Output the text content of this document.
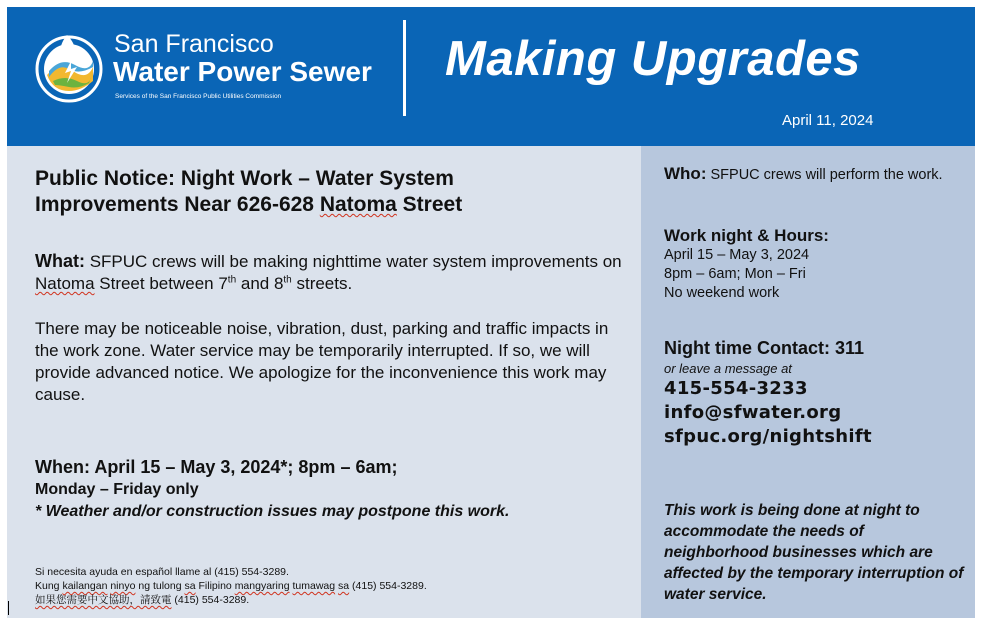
San Francisco
Water Power Sewer
Services of the San Francisco Public Utilities Commission
Making Upgrades
April 11, 2024
Public Notice: Night Work – Water System
Improvements Near 626-628 Natoma Street
What: SFPUC crews will be making nighttime water system improvements on Natoma Street between 7th and 8th streets.
There may be noticeable noise, vibration, dust, parking and traffic impacts in the work zone. Water service may be temporarily interrupted. If so, we will provide advanced notice. We apologize for the inconvenience this work may cause.
When: April 15 – May 3, 2024*; 8pm – 6am;
Monday – Friday only
* Weather and/or construction issues may postpone this work.
Si necesita ayuda en español llame al (415) 554-3289.
Kung kailangan ninyo ng tulong sa Filipino mangyaring tumawag sa (415) 554-3289.
如果您需要中文協助，請致電 (415) 554-3289.
Who: SFPUC crews will perform the work.
Work night & Hours:
April 15 – May 3, 2024
8pm – 6am; Mon – Fri
No weekend work
Night time Contact: 311
or leave a message at
415-554-3233
info@sfwater.org
sfpuc.org/nightshift
This work is being done at night to accommodate the needs of neighborhood businesses which are affected by the temporary interruption of water service.
